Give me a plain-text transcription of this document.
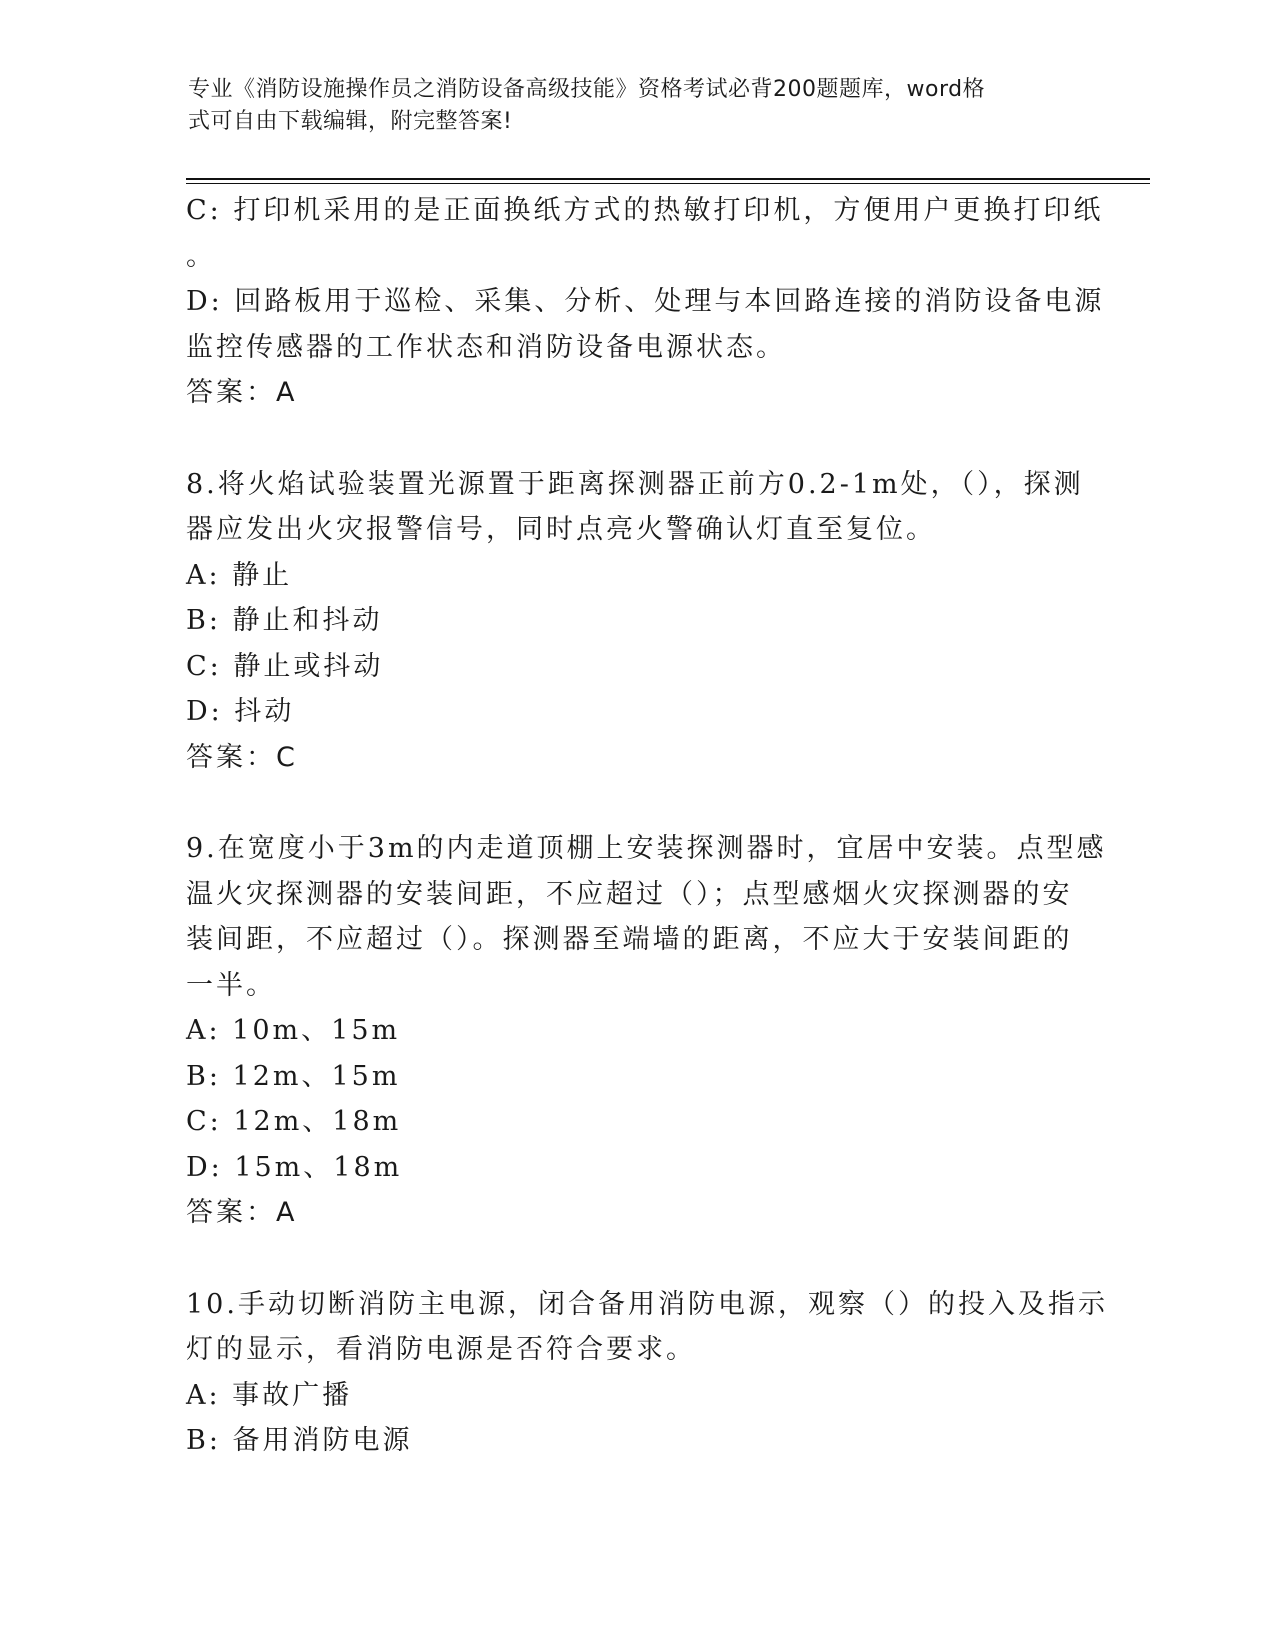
专业《消防设施操作员之消防设备高级技能》资格考试必背200题题库，word格
式可自由下载编辑，附完整答案!
C: 打印机采用的是正面换纸方式的热敏打印机，方便用户更换打印纸
。
D: 回路板用于巡检、采集、分析、处理与本回路连接的消防设备电源
监控传感器的工作状态和消防设备电源状态。
答案：A
8.将火焰试验装置光源置于距离探测器正前方0.2-1m处，（），探测
器应发出火灾报警信号，同时点亮火警确认灯直至复位。
A: 静止
B: 静止和抖动
C: 静止或抖动
D: 抖动
答案：C
9.在宽度小于3m的内走道顶棚上安装探测器时，宜居中安装。点型感
温火灾探测器的安装间距，不应超过（）；点型感烟火灾探测器的安
装间距，不应超过（）。探测器至端墙的距离，不应大于安装间距的
一半。
A: 10m、15m
B: 12m、15m
C: 12m、18m
D: 15m、18m
答案：A
10.手动切断消防主电源，闭合备用消防电源，观察（）的投入及指示
灯的显示，看消防电源是否符合要求。
A: 事故广播
B: 备用消防电源
